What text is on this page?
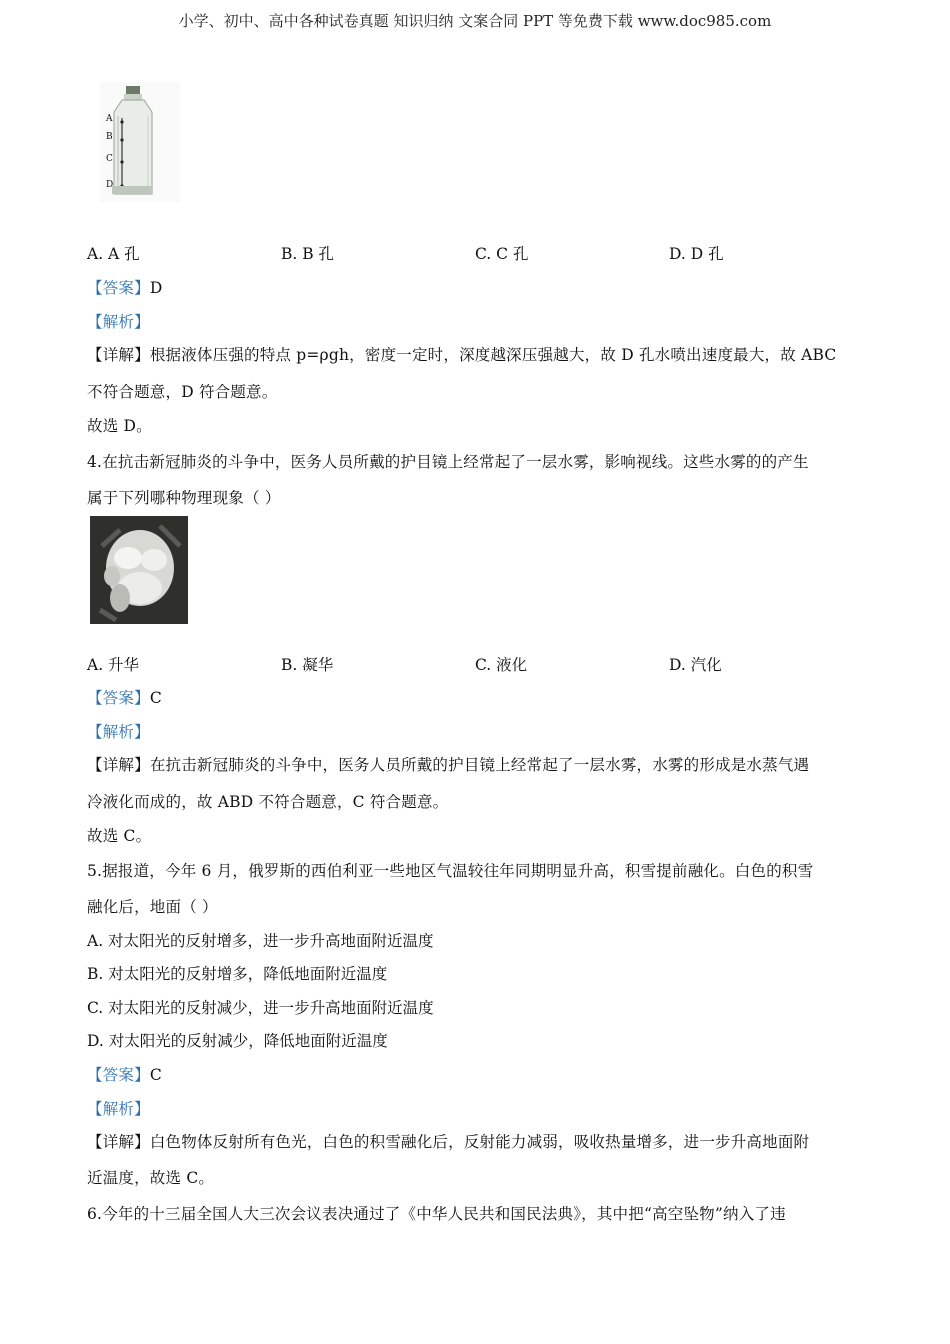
小学、初中、高中各种试卷真题 知识归纳 文案合同 PPT 等免费下载 www.doc985.com
A
B
C
D
A. A 孔	B. B 孔	C. C 孔	D. D 孔
【答案】D
【解析】
【详解】根据液体压强的特点 p=ρgh，密度一定时，深度越深压强越大，故 D 孔水喷出速度最大，故 ABC
不符合题意，D 符合题意。
故选 D。
4.在抗击新冠肺炎的斗争中，医务人员所戴的护目镜上经常起了一层水雾，影响视线。这些水雾的的产生
属于下列哪种物理现象（ ）
A. 升华	B. 凝华	C. 液化	D. 汽化
【答案】C
【解析】
【详解】在抗击新冠肺炎的斗争中，医务人员所戴的护目镜上经常起了一层水雾，水雾的形成是水蒸气遇
冷液化而成的，故 ABD 不符合题意，C 符合题意。
故选 C。
5.据报道，今年 6 月，俄罗斯的西伯利亚一些地区气温较往年同期明显升高，积雪提前融化。白色的积雪
融化后，地面（ ）
A. 对太阳光的反射增多，进一步升高地面附近温度
B. 对太阳光的反射增多，降低地面附近温度
C. 对太阳光的反射减少，进一步升高地面附近温度
D. 对太阳光的反射减少，降低地面附近温度
【答案】C
【解析】
【详解】白色物体反射所有色光，白色的积雪融化后，反射能力减弱，吸收热量增多，进一步升高地面附
近温度，故选 C。
6.今年的十三届全国人大三次会议表决通过了《中华人民共和国民法典》，其中把“高空坠物”纳入了违
